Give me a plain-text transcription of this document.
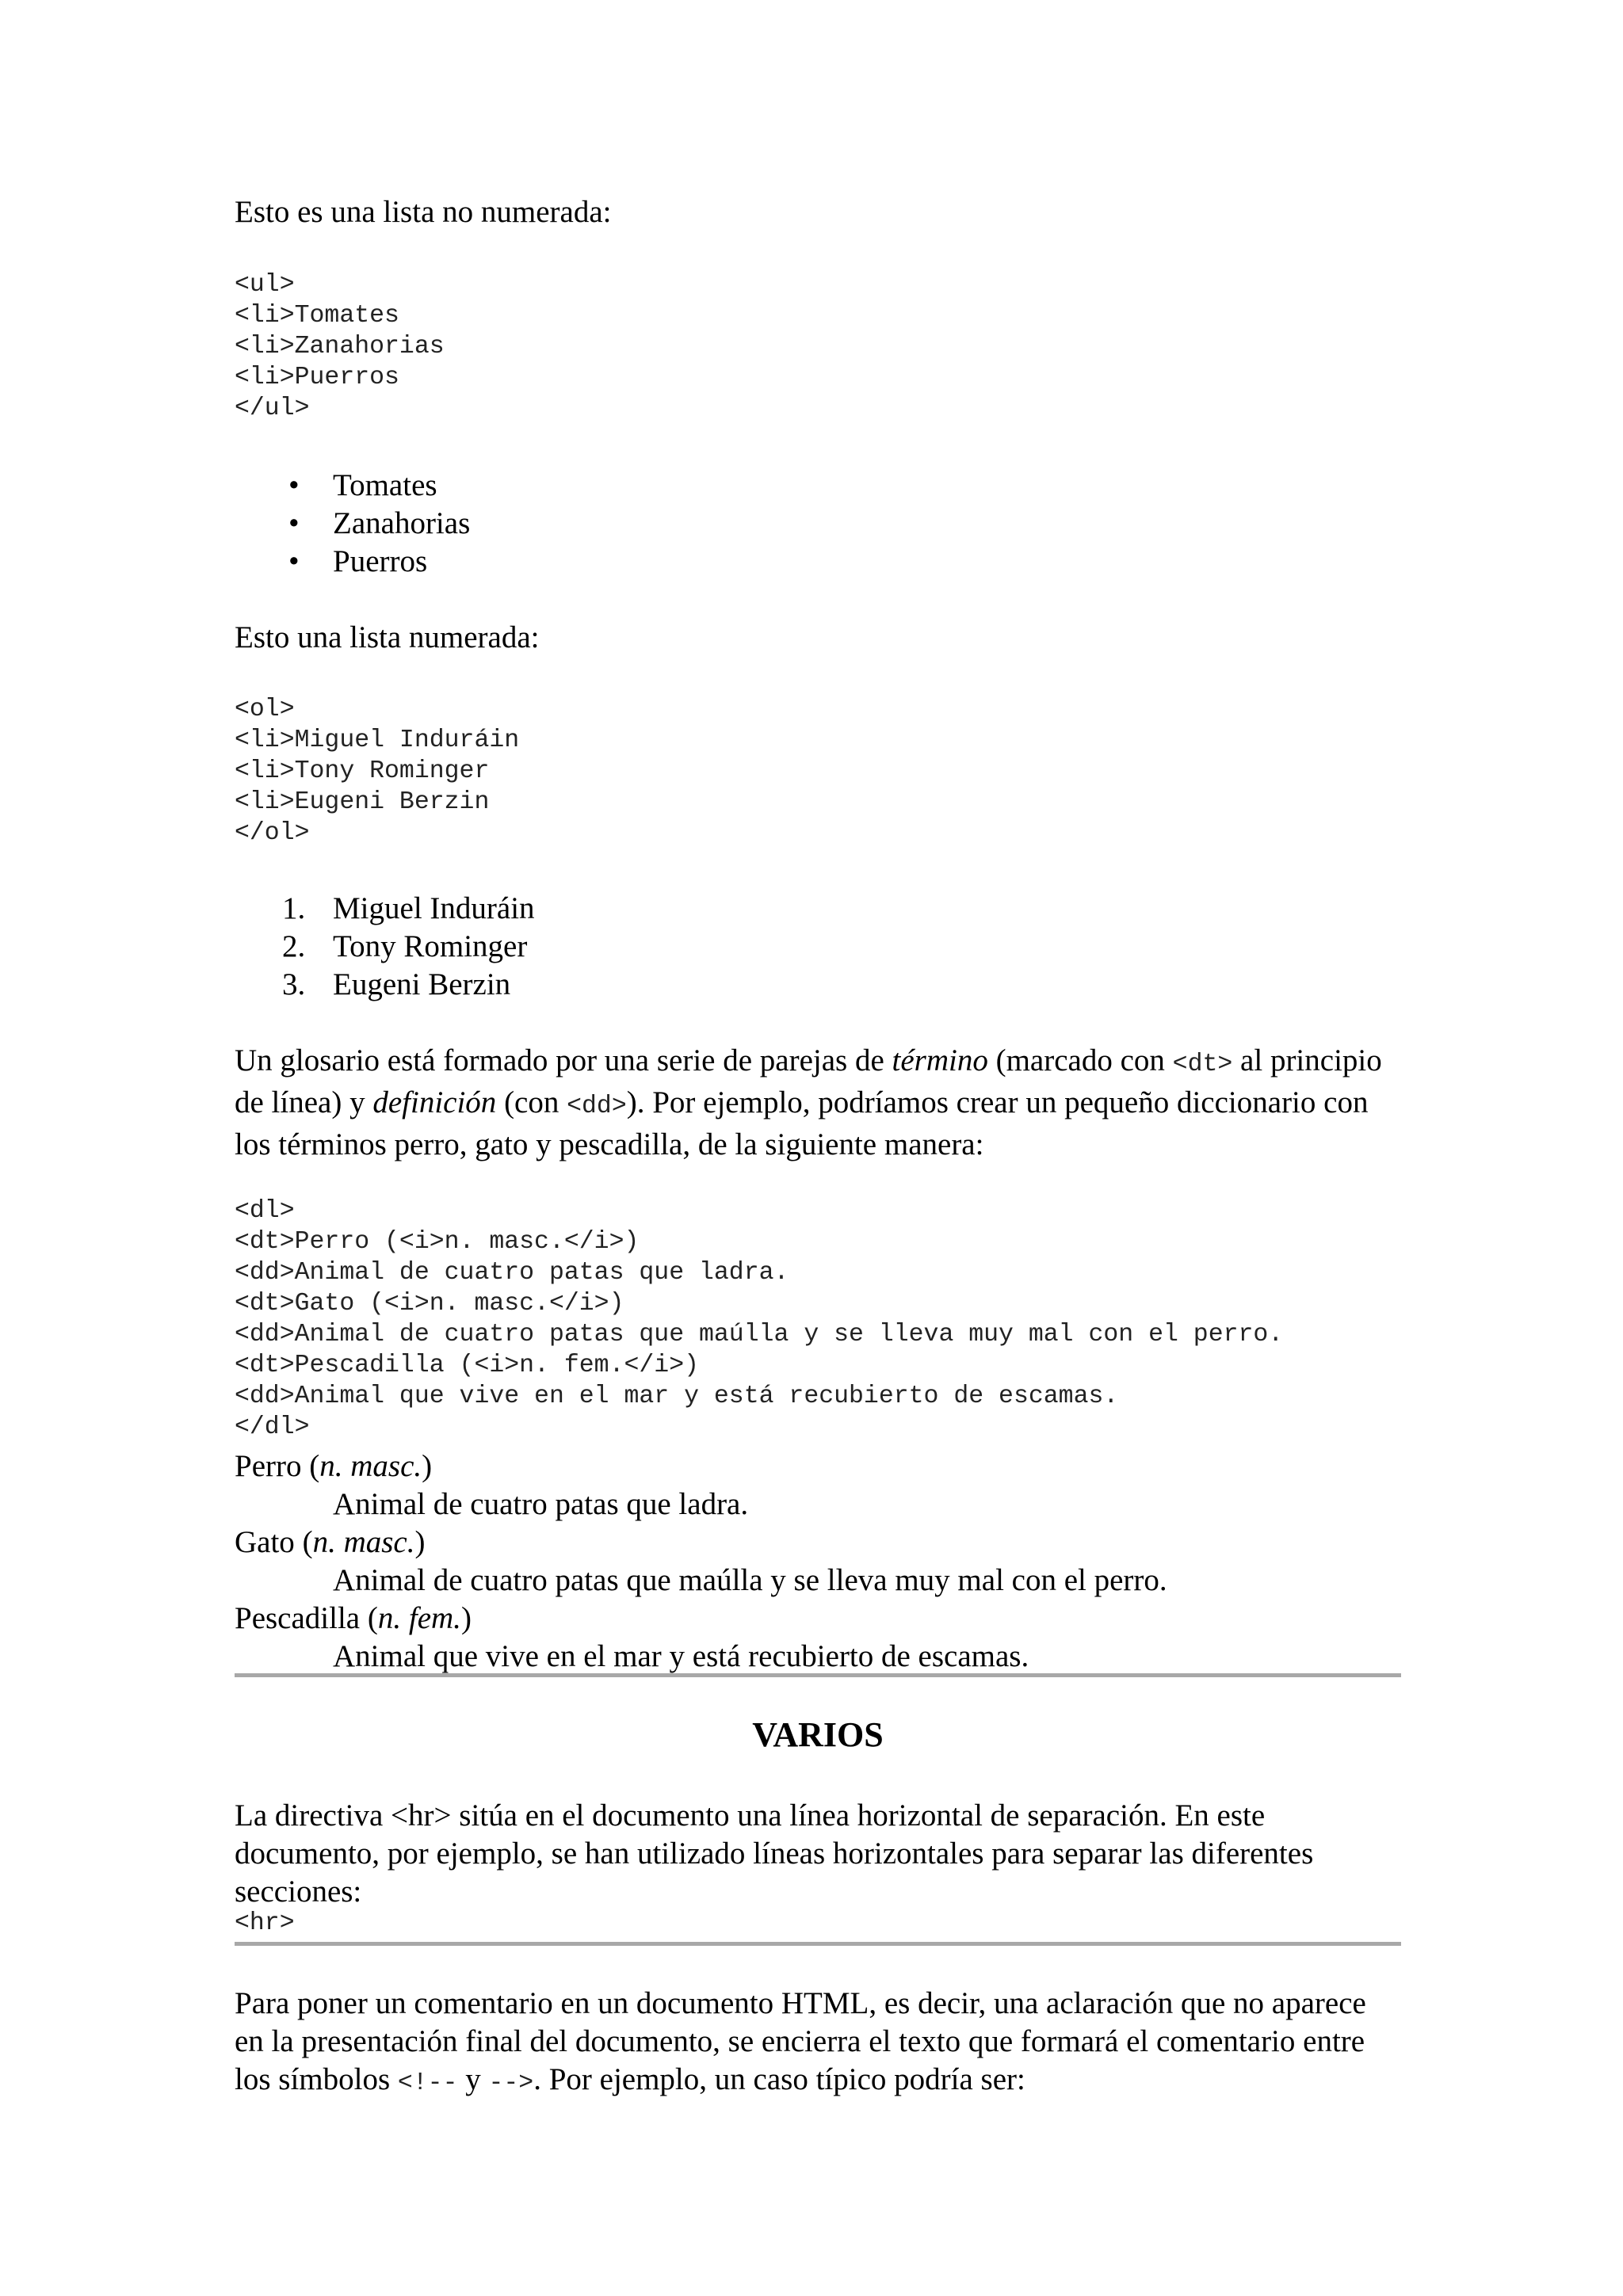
Esto es una lista no numerada:

<ul>
<li>Tomates
<li>Zanahorias
<li>Puerros
</ul>
• Tomates
• Zanahorias
• Puerros

Esto una lista numerada:

<ol>
<li>Miguel Induráin
<li>Tony Rominger
<li>Eugeni Berzin
</ol>
1. Miguel Induráin
2. Tony Rominger
3. Eugeni Berzin

Un glosario está formado por una serie de parejas de término (marcado con <dt> al principio de línea) y definición (con <dd>). Por ejemplo, podríamos crear un pequeño diccionario con los términos perro, gato y pescadilla, de la siguiente manera:

<dl>
<dt>Perro (<i>n. masc.</i>)
<dd>Animal de cuatro patas que ladra.
<dt>Gato (<i>n. masc.</i>)
<dd>Animal de cuatro patas que maúlla y se lleva muy mal con el perro.
<dt>Pescadilla (<i>n. fem.</i>)
<dd>Animal que vive en el mar y está recubierto de escamas.
</dl>
Perro (n. masc.)
Animal de cuatro patas que ladra.
Gato (n. masc.)
Animal de cuatro patas que maúlla y se lleva muy mal con el perro.
Pescadilla (n. fem.)
Animal que vive en el mar y está recubierto de escamas.
VARIOS

La directiva <hr> sitúa en el documento una línea horizontal de separación. En este documento, por ejemplo, se han utilizado líneas horizontales para separar las diferentes secciones:

<hr>

Para poner un comentario en un documento HTML, es decir, una aclaración que no aparece en la presentación final del documento, se encierra el texto que formará el comentario entre los símbolos <!-- y -->. Por ejemplo, un caso típico podría ser:
